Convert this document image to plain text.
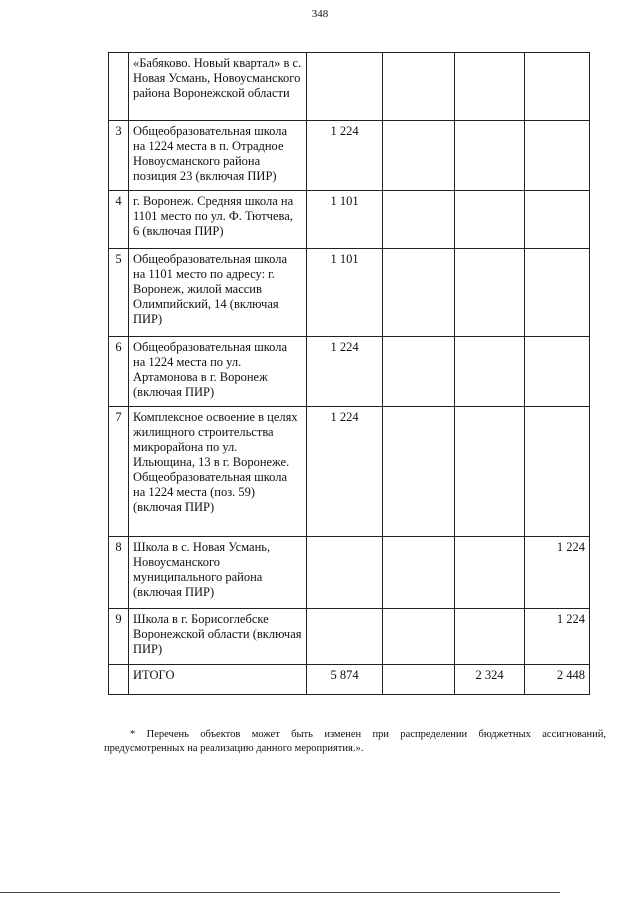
348
	«Бабяково. Новый квартал» в с. Новая Усмань, Новоусманского района Воронежской области				
3	Общеобразовательная школа на 1224 места в п. Отрадное Новоусманского района позиция 23 (включая ПИР)	1 224			
4	г. Воронеж. Средняя школа на 1101 место по ул. Ф. Тютчева, 6 (включая ПИР)	1 101			
5	Общеобразовательная школа на 1101 место по адресу: г. Воронеж, жилой массив Олимпийский, 14 (включая ПИР)	1 101			
6	Общеобразовательная школа на 1224 места по ул. Артамонова в г. Воронеж (включая ПИР)	1 224			
7	Комплексное освоение в целях жилищного строительства микрорайона по ул. Ильющина, 13 в г. Воронеже. Общеобразовательная школа на 1224 места (поз. 59) (включая ПИР)	1 224			
8	Школа в с. Новая Усмань, Новоусманского муниципального района (включая ПИР)				1 224
9	Школа в г. Борисоглебске Воронежской области (включая ПИР)				1 224
	ИТОГО	5 874		2 324	2 448
* Перечень объектов может быть изменен при распределении бюджетных ассигнований, предусмотренных на реализацию данного мероприятия.».
